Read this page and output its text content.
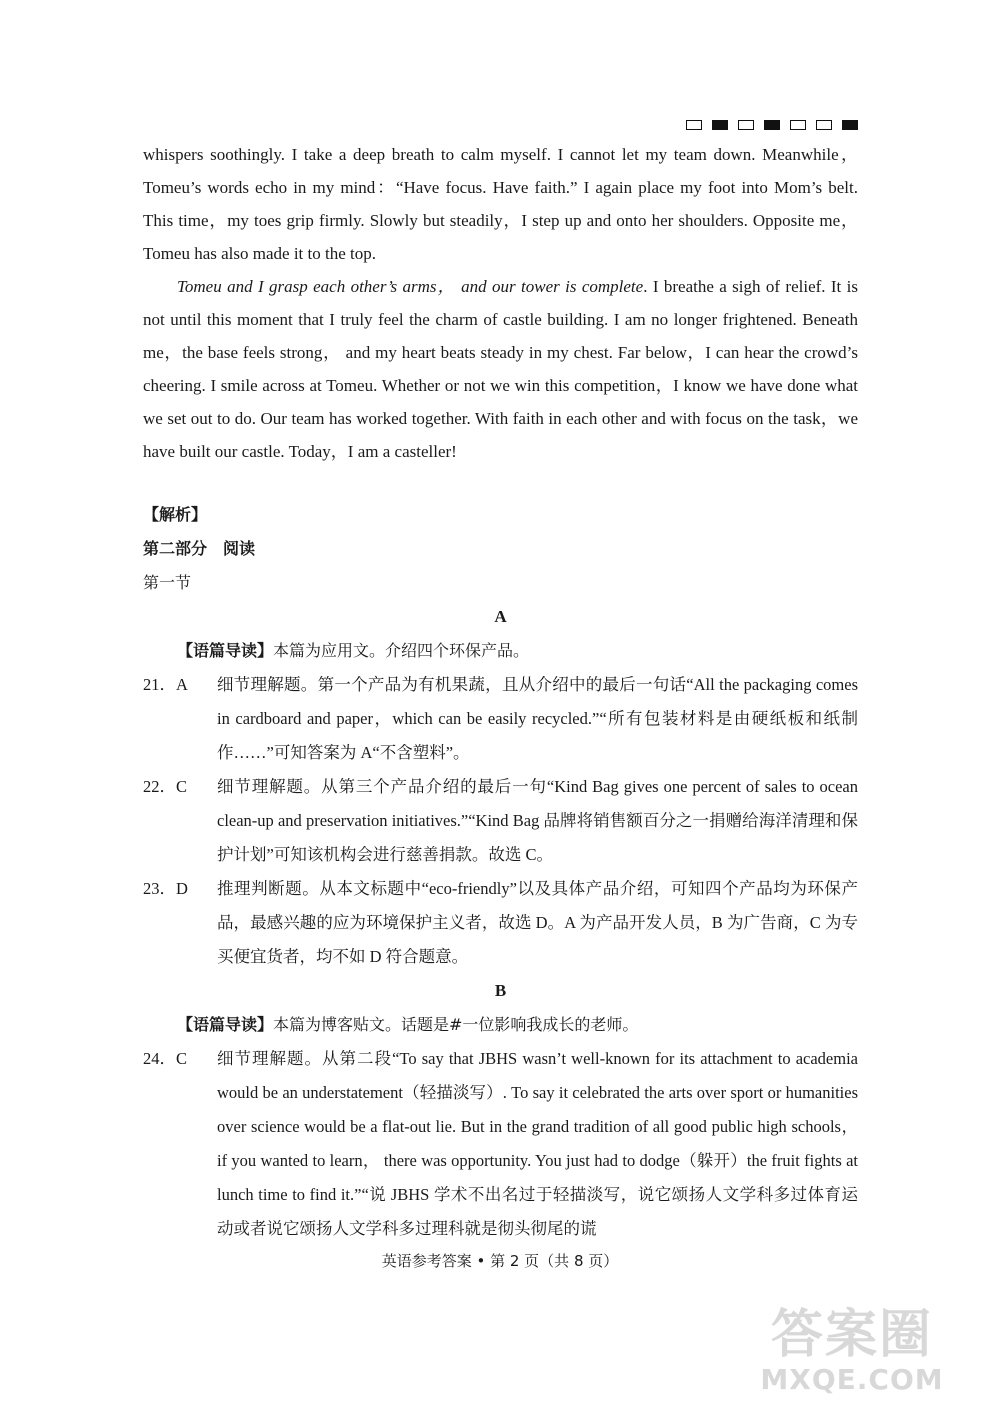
whispers soothingly. I take a deep breath to calm myself. I cannot let my team down. Meanwhile，Tomeu’s words echo in my mind：“Have focus. Have faith.” I again place my foot into Mom’s belt. This time，my toes grip firmly. Slowly but steadily，I step up and onto her shoulders. Opposite me，Tomeu has also made it to the top.

Tomeu and I grasp each other’s arms， and our tower is complete. I breathe a sigh of relief. It is not until this moment that I truly feel the charm of castle building. I am no longer frightened. Beneath me，the base feels strong， and my heart beats steady in my chest. Far below，I can hear the crowd’s cheering. I smile across at Tomeu. Whether or not we win this competition，I know we have done what we set out to do. Our team has worked together. With faith in each other and with focus on the task，we have built our castle. Today，I am a casteller!

【解析】

第二部分　阅读

第一节

A

【语篇导读】本篇为应用文。介绍四个环保产品。

21．A	细节理解题。第一个产品为有机果蔬，且从介绍中的最后一句话“All the packaging comes in cardboard and paper，which can be easily recycled.”“所有包装材料是由硬纸板和纸制作……”可知答案为 A“不含塑料”。
22．C	细节理解题。从第三个产品介绍的最后一句“Kind Bag gives one percent of sales to ocean clean-up and preservation initiatives.”“Kind Bag 品牌将销售额百分之一捐赠给海洋清理和保护计划”可知该机构会进行慈善捐款。故选 C。
23．D	推理判断题。从本文标题中“eco-friendly”以及具体产品介绍，可知四个产品均为环保产品，最感兴趣的应为环境保护主义者，故选 D。A 为产品开发人员，B 为广告商，C 为专买便宜货者，均不如 D 符合题意。

B

【语篇导读】本篇为博客贴文。话题是#一位影响我成长的老师。

24．C	细节理解题。从第二段“To say that JBHS wasn’t well-known for its attachment to academia would be an understatement（轻描淡写）. To say it celebrated the arts over sport or humanities over science would be a flat-out lie. But in the grand tradition of all good public high schools，if you wanted to learn， there was opportunity. You just had to dodge（躲开）the fruit fights at lunch time to find it.”“说 JBHS 学术不出名过于轻描淡写，说它颂扬人文学科多过体育运动或者说它颂扬人文学科多过理科就是彻头彻尾的谎
英语参考答案 • 第 2 页（共 8 页）
答案圈
MXQE.COM
